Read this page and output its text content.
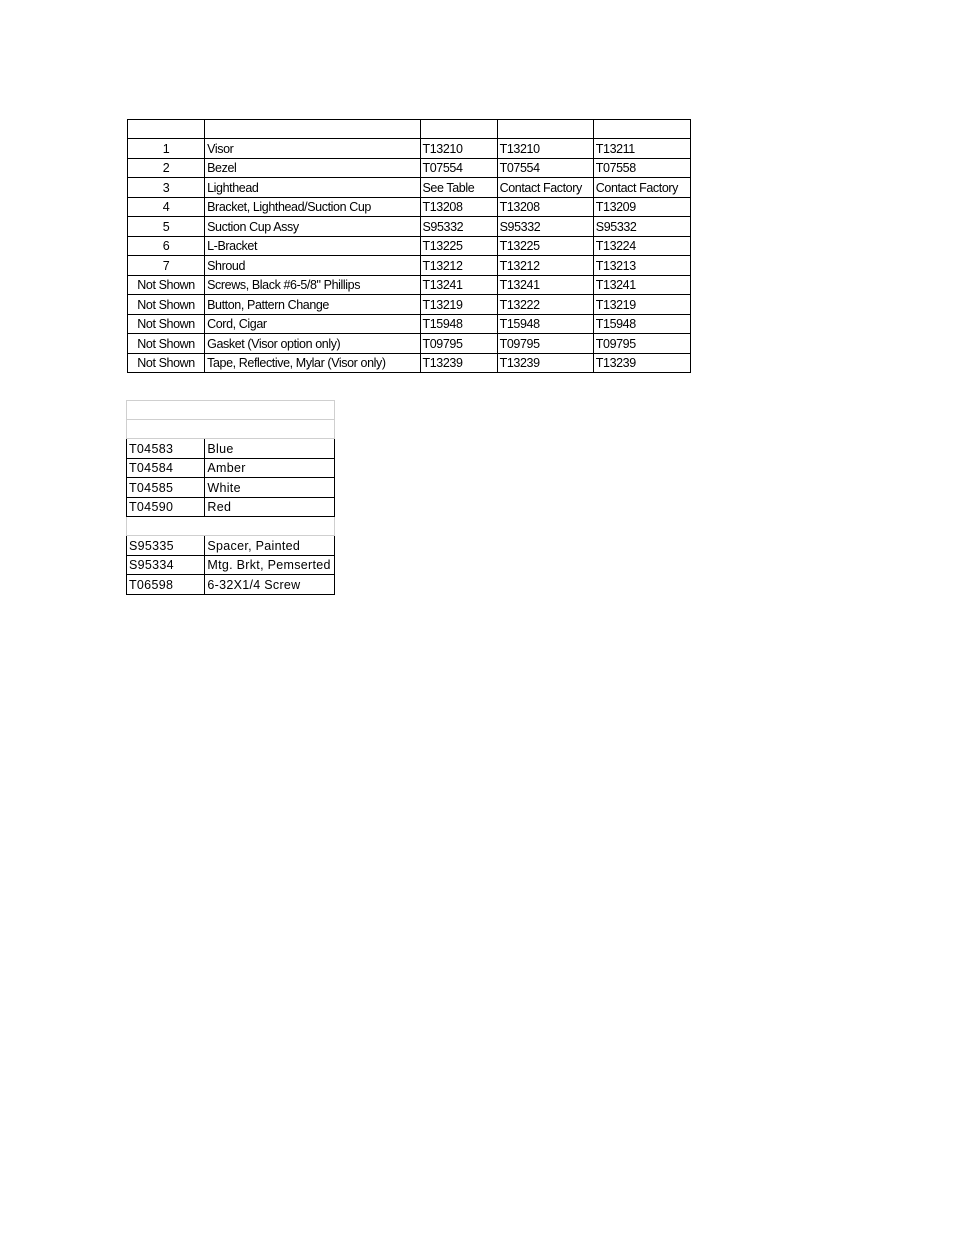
1	Visor	T13210	T13210	T13211
2	Bezel	T07554	T07554	T07558
3	Lighthead	See Table	Contact Factory	Contact Factory
4	Bracket, Lighthead/Suction Cup	T13208	T13208	T13209
5	Suction Cup Assy	S95332	S95332	S95332
6	L-Bracket	T13225	T13225	T13224
7	Shroud	T13212	T13212	T13213
Not Shown	Screws, Black #6-5/8" Phillips	T13241	T13241	T13241
Not Shown	Button, Pattern Change	T13219	T13222	T13219
Not Shown	Cord, Cigar	T15948	T15948	T15948
Not Shown	Gasket (Visor option only)	T09795	T09795	T09795
Not Shown	Tape, Reflective, Mylar (Visor only)	T13239	T13239	T13239

T04583	Blue
T04584	Amber
T04585	White
T04590	Red

S95335	Spacer, Painted
S95334	Mtg. Brkt, Pemserted
T06598	6-32X1/4 Screw
